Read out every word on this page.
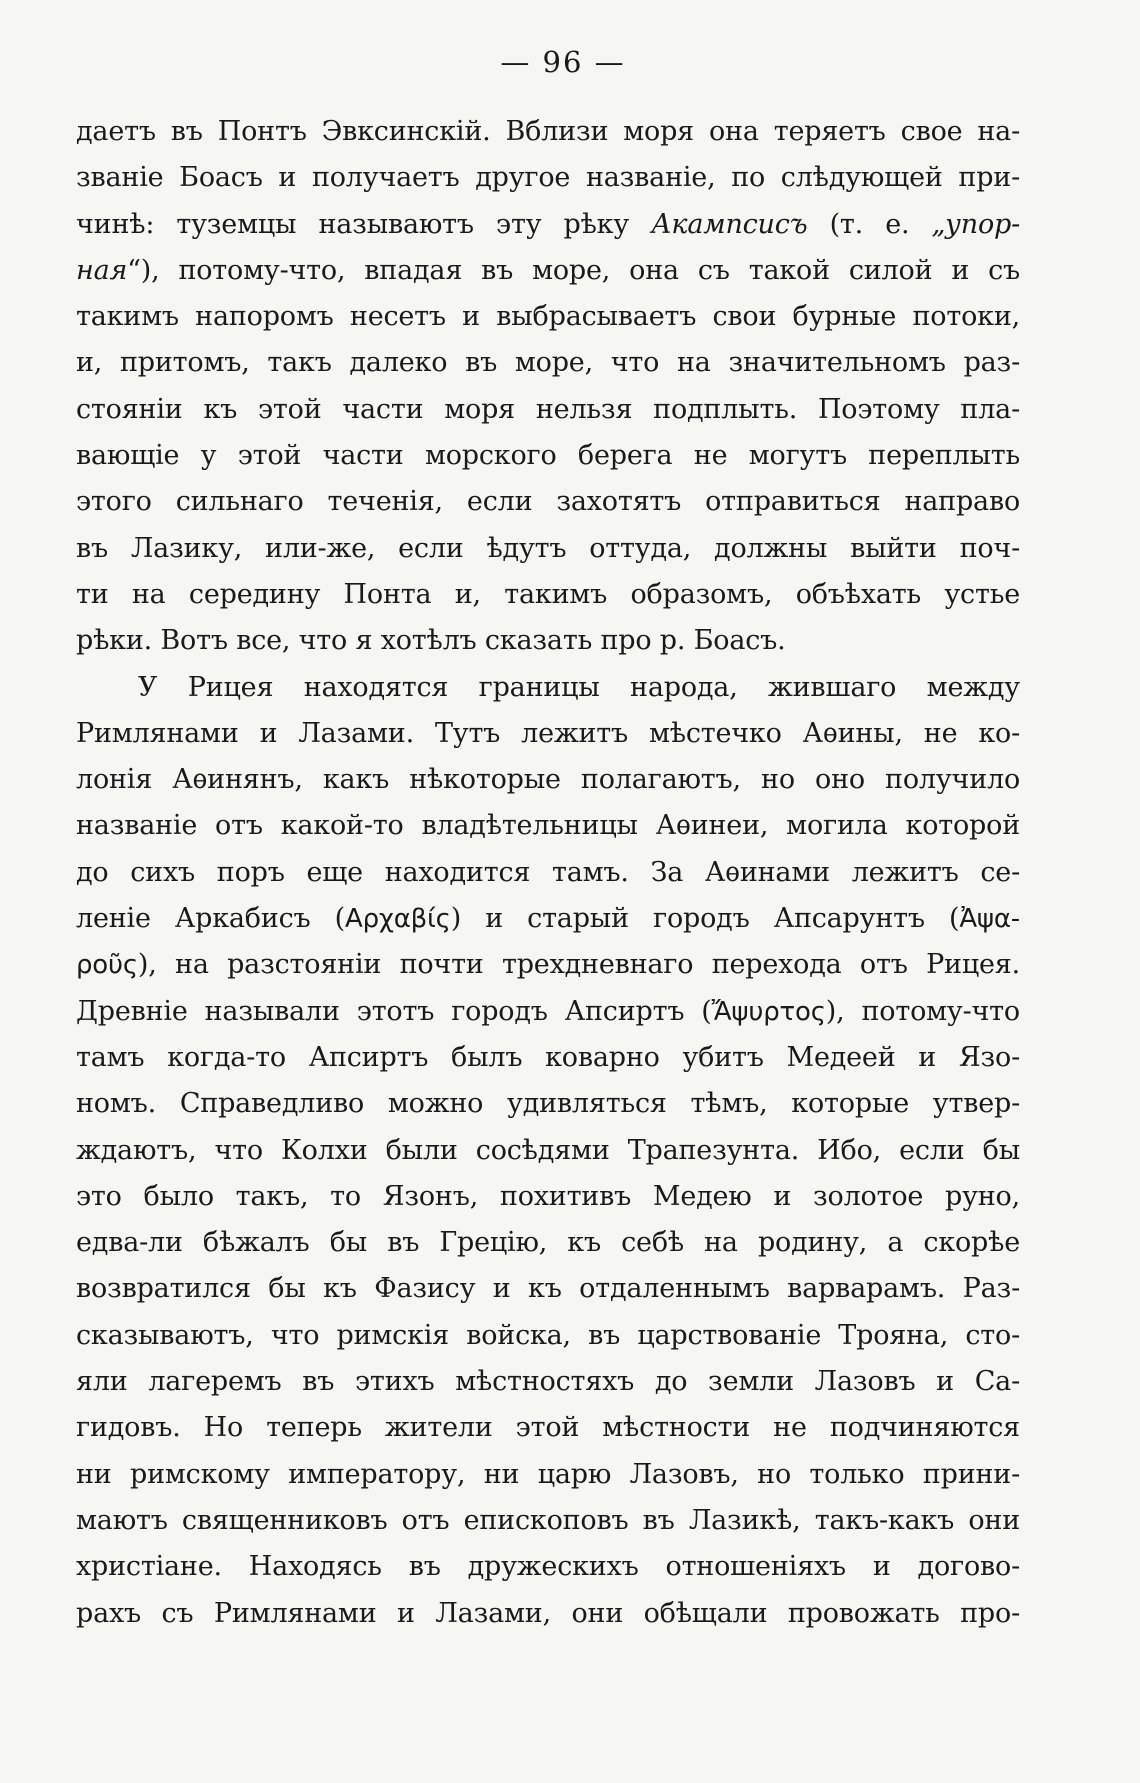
— 96 —
даетъ въ Понтъ Эвксинскій. Вблизи моря она теряетъ свое на-
званіе Боасъ и получаетъ другое названіе, по слѣдующей при-
чинѣ: туземцы называютъ эту рѣку Акампсисъ (т. е. „упор-
ная“), потому-что, впадая въ море, она съ такой силой и съ
такимъ напоромъ несетъ и выбрасываетъ свои бурные потоки,
и, притомъ, такъ далеко въ море, что на значительномъ раз-
стояніи къ этой части моря нельзя подплыть. Поэтому пла-
вающіе у этой части морского берега не могутъ переплыть
этого сильнаго теченія, если захотятъ отправиться направо
въ Лазику, или-же, если ѣдутъ оттуда, должны выйти поч-
ти на середину Понта и, такимъ образомъ, объѣхать устье
рѣки. Вотъ все, что я хотѣлъ сказать про р. Боасъ.
У Рицея находятся границы народа, жившаго между
Римлянами и Лазами. Тутъ лежитъ мѣстечко Аѳины, не ко-
лонія Аѳинянъ, какъ нѣкоторые полагаютъ, но оно получило
названіе отъ какой-то владѣтельницы Аѳинеи, могила которой
до сихъ поръ еще находится тамъ. За Аѳинами лежитъ се-
леніе Аркабисъ (Αρχαβίς) и старый городъ Апсарунтъ (Ἀψα-
ροῦς), на разстояніи почти трехдневнаго перехода отъ Рицея.
Древніе называли этотъ городъ Апсиртъ (Ἄψυρτος), потому-что
тамъ когда-то Апсиртъ былъ коварно убитъ Медеей и Язо-
номъ. Справедливо можно удивляться тѣмъ, которые утвер-
ждаютъ, что Колхи были сосѣдями Трапезунта. Ибо, если бы
это было такъ, то Язонъ, похитивъ Медею и золотое руно,
едва-ли бѣжалъ бы въ Грецію, къ себѣ на родину, а скорѣе
возвратился бы къ Фазису и къ отдаленнымъ варварамъ. Раз-
сказываютъ, что римскія войска, въ царствованіе Трояна, сто-
яли лагеремъ въ этихъ мѣстностяхъ до земли Лазовъ и Са-
гидовъ. Но теперь жители этой мѣстности не подчиняются
ни римскому императору, ни царю Лазовъ, но только прини-
маютъ священниковъ отъ епископовъ въ Лазикѣ, такъ-какъ они
христіане. Находясь въ дружескихъ отношеніяхъ и догово-
рахъ съ Римлянами и Лазами, они обѣщали провожать про-
